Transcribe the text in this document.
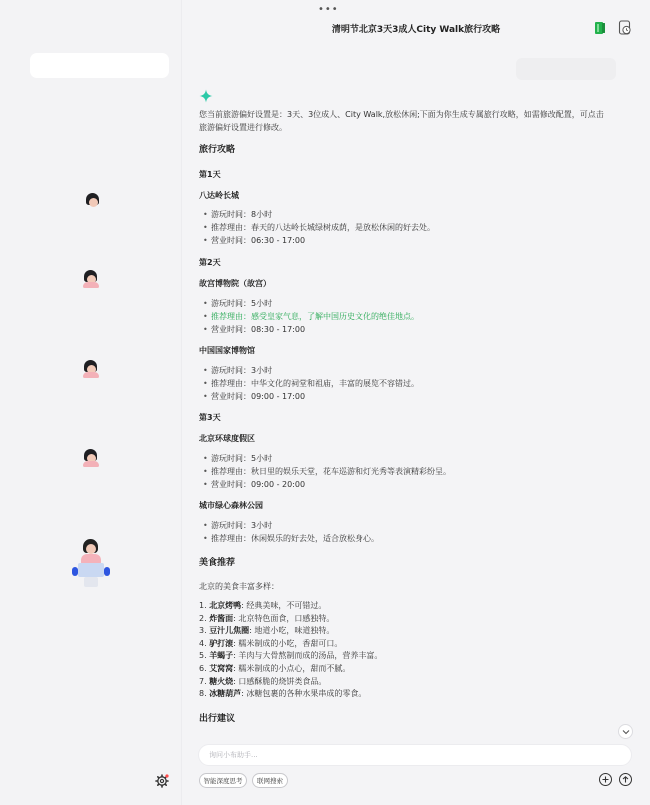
•••
清明节北京3天3成人City Walk旅行攻略
您当前旅游偏好设置是：3天、3位成人、City Walk,放松休闲;下面为你生成专属旅行攻略，如需修改配置，可点击旅游偏好设置进行修改。
旅行攻略
第1天
八达岭长城
• 游玩时间：8小时
• 推荐理由：春天的八达岭长城绿树成荫，是放松休闲的好去处。
• 营业时间：06:30 - 17:00
第2天
故宫博物院（故宫）
• 游玩时间：5小时
• 推荐理由：感受皇家气息，了解中国历史文化的绝佳地点。
• 营业时间：08:30 - 17:00
中国国家博物馆
• 游玩时间：3小时
• 推荐理由：中华文化的祠堂和祖庙，丰富的展览不容错过。
• 营业时间：09:00 - 17:00
第3天
北京环球度假区
• 游玩时间：5小时
• 推荐理由：秋日里的娱乐天堂，花车巡游和灯光秀等表演精彩纷呈。
• 营业时间：09:00 - 20:00
城市绿心森林公园
• 游玩时间：3小时
• 推荐理由：休闲娱乐的好去处，适合放松身心。
美食推荐
北京的美食丰富多样：
1. 北京烤鸭: 经典美味，不可错过。
2. 炸酱面: 北京特色面食，口感独特。
3. 豆汁儿焦圈: 地道小吃，味道独特。
4. 驴打滚: 糯米制成的小吃，香甜可口。
5. 羊蝎子: 羊肉与大骨熬制而成的汤品，营养丰富。
6. 艾窝窝: 糯米制成的小点心，甜而不腻。
7. 糖火烧: 口感酥脆的烧饼类食品。
8. 冰糖葫芦: 冰糖包裹的各种水果串成的零食。
出行建议
询问小布助手...
智能深度思考	联网搜索
